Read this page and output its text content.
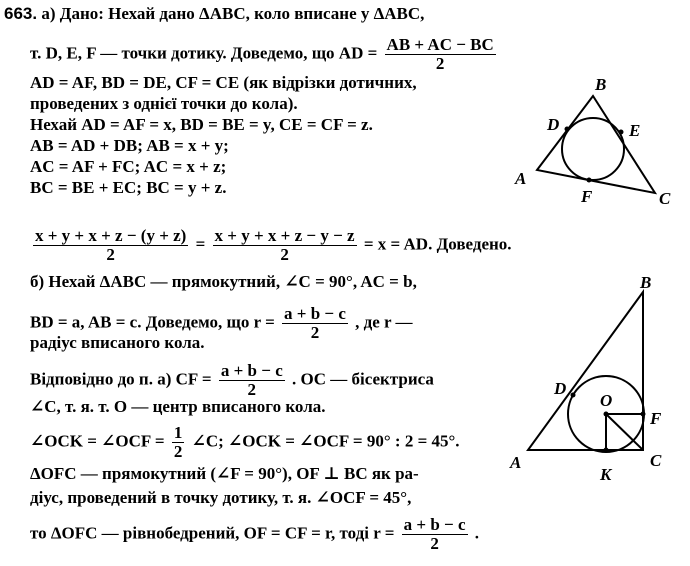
663. а) Дано: Нехай дано ΔABC, коло вписане у ΔABC,
т. D, E, F — точки дотику. Доведемо, що AD = $\frac{AB + AC - BC}{2}$
AD = AF, BD = DE, CF = CE (як відрізки дотичних,
проведених з однієї точки до кола).
Нехай AD = AF = x, BD = BE = y, CE = CF = z.
AB = AD + DB; AB = x + y;
AC = AF + FC; AC = x + z;
BC = BE + EC; BC = y + z.
$\frac{x + y + x + z - (y + z)}{2} = \frac{x + y + x + z - y - z}{2} = x$ = AD. Доведено.
б) Нехай ΔABC — прямокутний, ∠C = 90°, AC = b,
BD = a, AB = c. Доведемо, що $r = \frac{a + b - c}{2}$ , де r —
радіус вписаного кола.
Відповідно до п. а) CF = $\frac{a + b - c}{2}$ . OC — бісектриса
∠C, т. я. т. O — центр вписаного кола.
∠OCK = ∠OCF = $\frac{1}{2}$ ∠C; ∠OCK = ∠OCF = 90° : 2 = 45°.
ΔOFC — прямокутний (∠F = 90°), OF ⊥ BC як ра-
діус, проведений в точку дотику, т. я. ∠OCF = 45°,
то ΔOFC — рівнобедрений, OF = CF = r, тоді $r = \frac{a + b - c}{2}$ .
B
D	E
A
F	C
B
D
O
F
A
K
C
